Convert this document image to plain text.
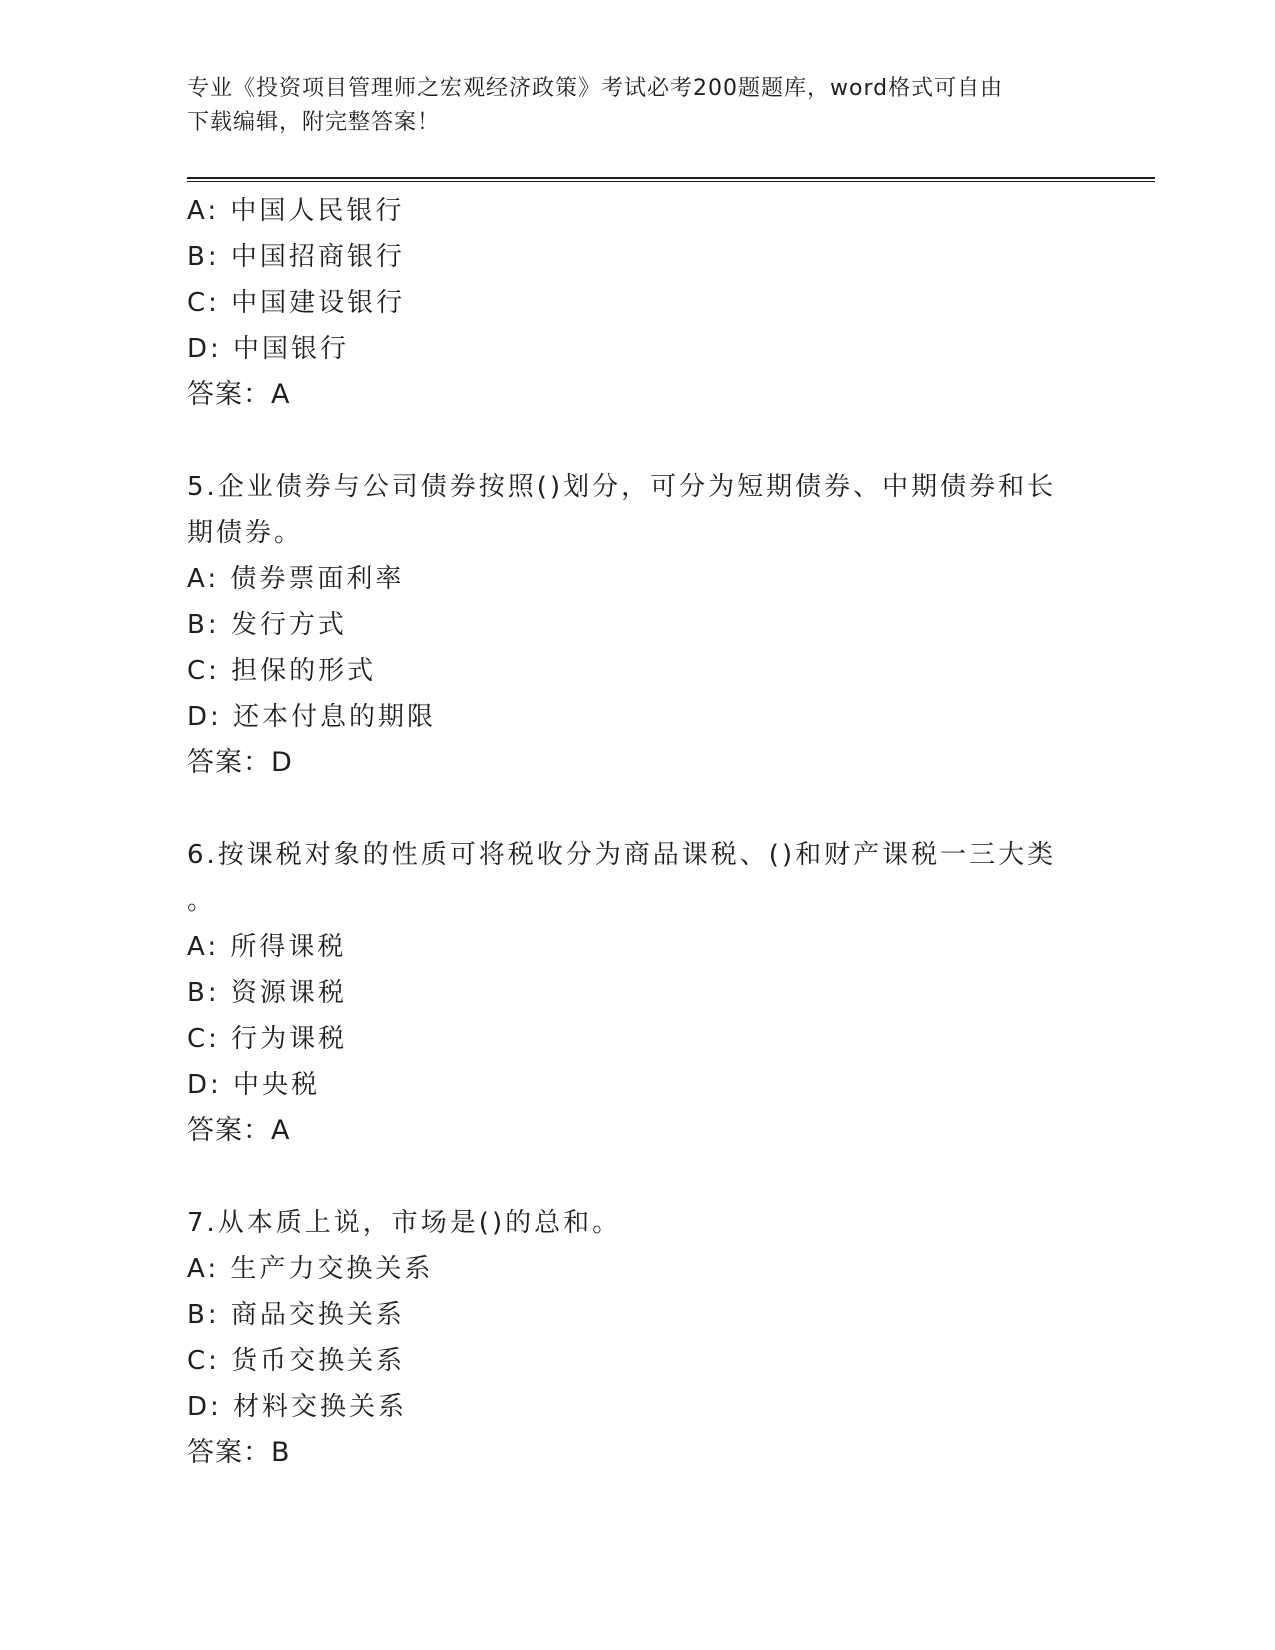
专业《投资项目管理师之宏观经济政策》考试必考200题题库，word格式可自由
下载编辑，附完整答案！
A: 中国人民银行
B: 中国招商银行
C: 中国建设银行
D: 中国银行
答案：A
5.企业债券与公司债券按照()划分，可分为短期债券、中期债券和长
期债券。
A: 债券票面利率
B: 发行方式
C: 担保的形式
D: 还本付息的期限
答案：D
6.按课税对象的性质可将税收分为商品课税、()和财产课税一三大类
。
A: 所得课税
B: 资源课税
C: 行为课税
D: 中央税
答案：A
7.从本质上说，市场是()的总和。
A: 生产力交换关系
B: 商品交换关系
C: 货币交换关系
D: 材料交换关系
答案：B
